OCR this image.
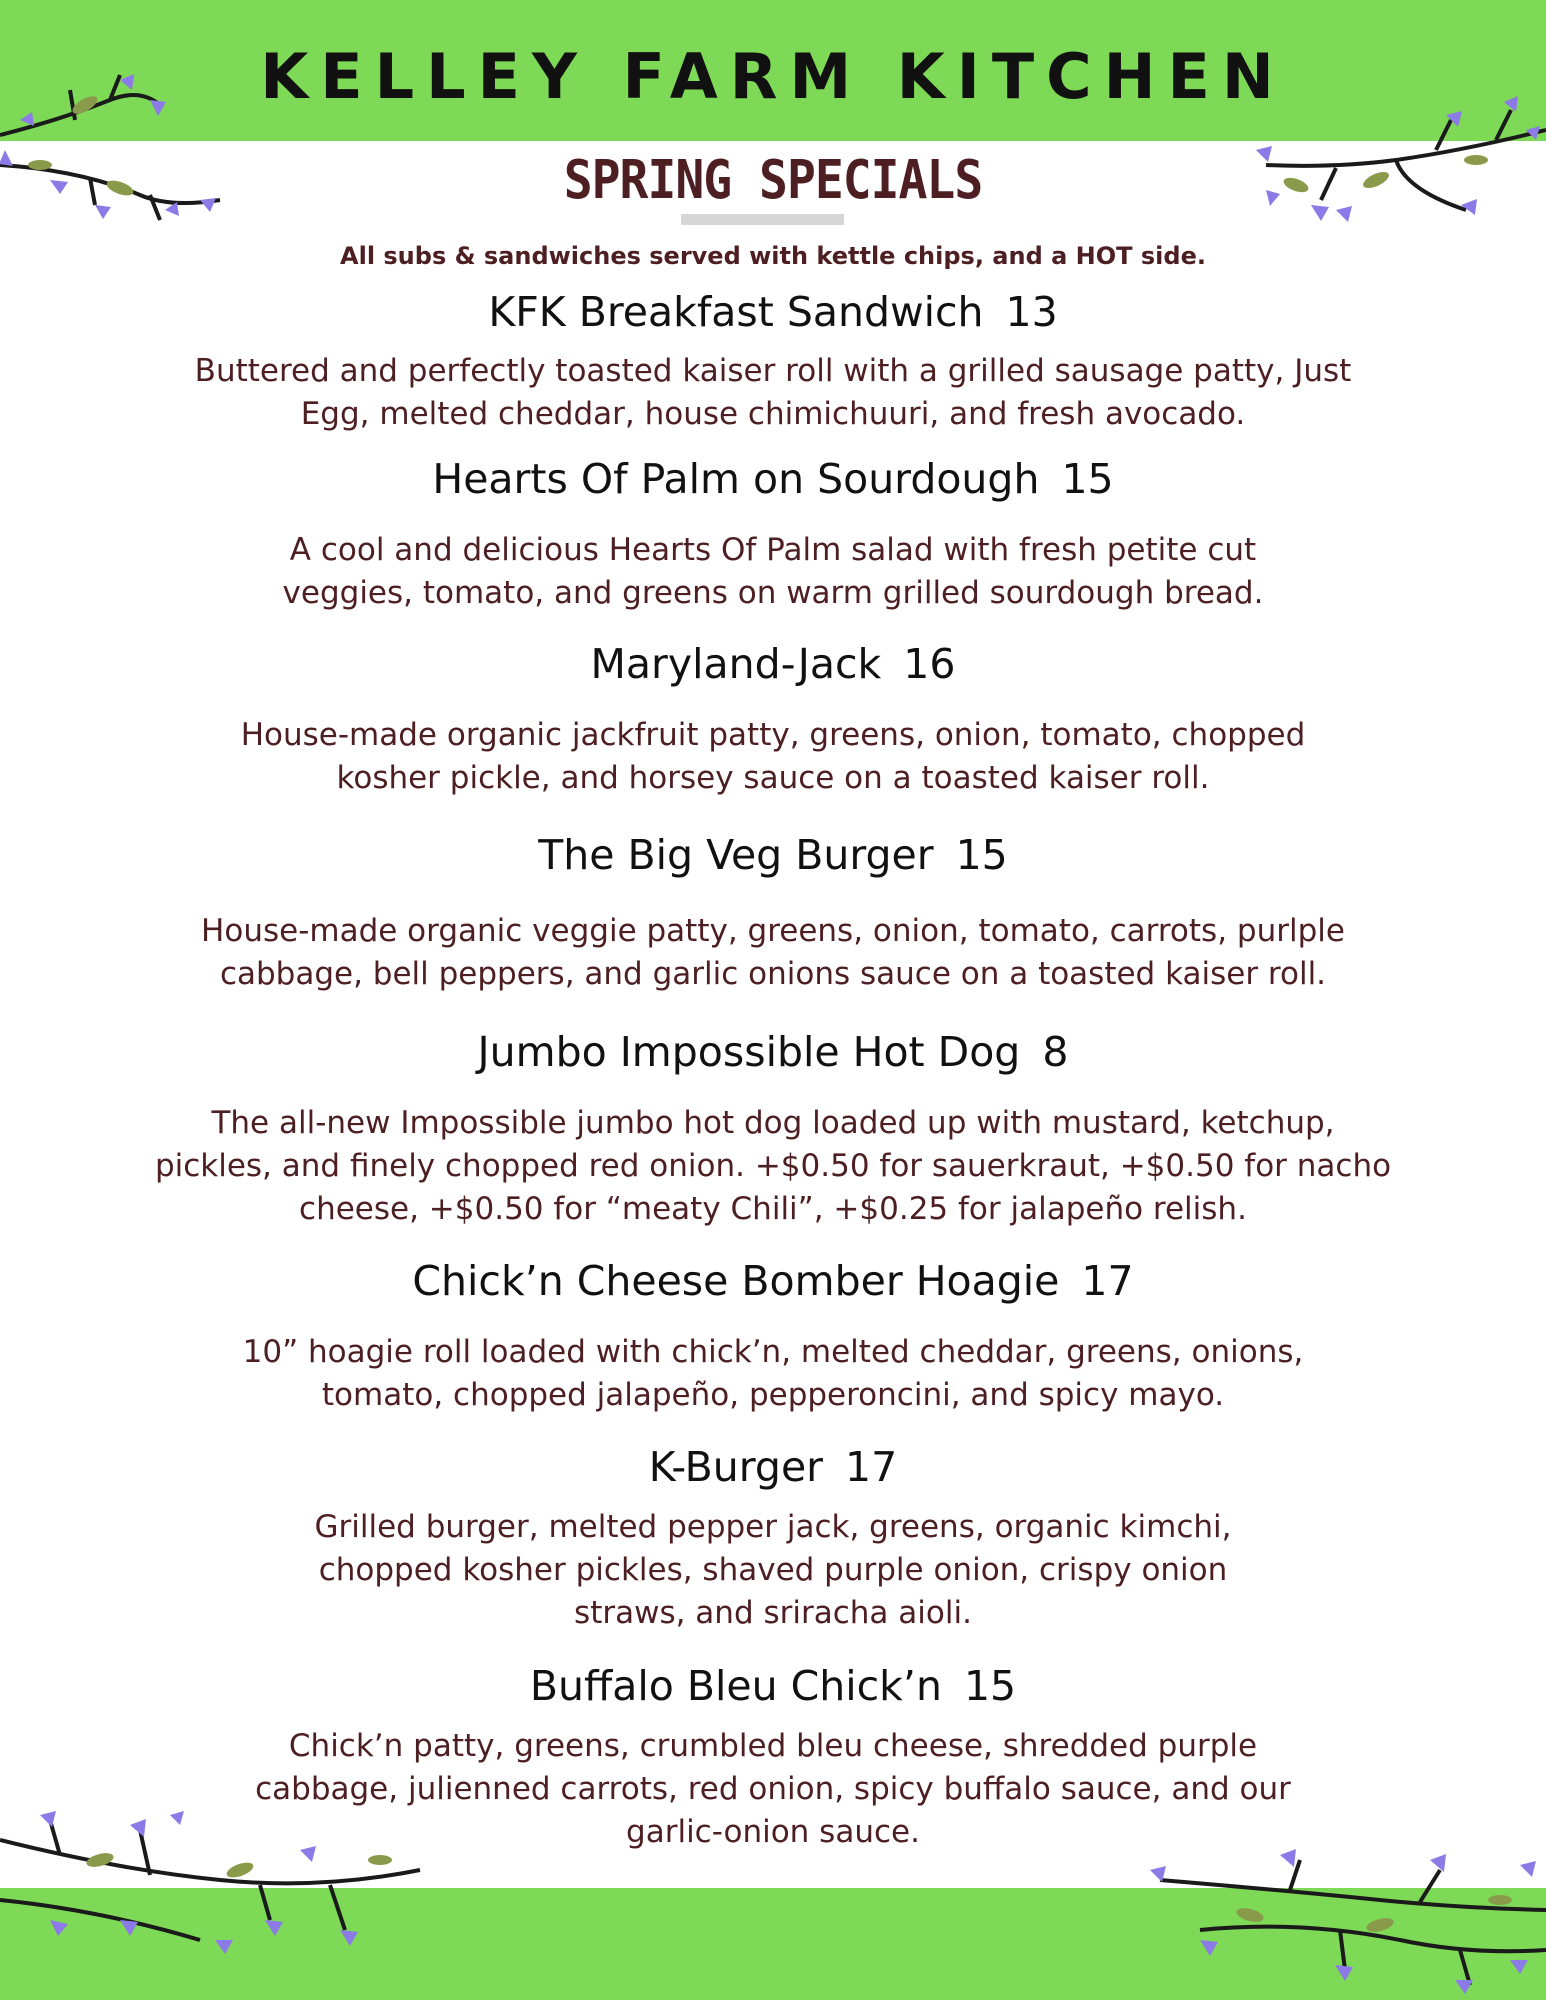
KELLEY FARM KITCHEN
SPRING SPECIALS
All subs & sandwiches served with kettle chips, and a HOT side.
KFK Breakfast Sandwich 13
Buttered and perfectly toasted kaiser roll with a grilled sausage patty, Just
Egg, melted cheddar, house chimichuuri, and fresh avocado.
Hearts Of Palm on Sourdough 15
A cool and delicious Hearts Of Palm salad with fresh petite cut
veggies, tomato, and greens on warm grilled sourdough bread.
Maryland-Jack 16
House-made organic jackfruit patty, greens, onion, tomato, chopped
kosher pickle, and horsey sauce on a toasted kaiser roll.
The Big Veg Burger 15
House-made organic veggie patty, greens, onion, tomato, carrots, purlple
cabbage, bell peppers, and garlic onions sauce on a toasted kaiser roll.
Jumbo Impossible Hot Dog 8
The all-new Impossible jumbo hot dog loaded up with mustard, ketchup,
pickles, and finely chopped red onion. +$0.50 for sauerkraut, +$0.50 for nacho
cheese, +$0.50 for “meaty Chili”, +$0.25 for jalapeño relish.
Chick’n Cheese Bomber Hoagie 17
10” hoagie roll loaded with chick’n, melted cheddar, greens, onions,
tomato, chopped jalapeño, pepperoncini, and spicy mayo.
K-Burger 17
Grilled burger, melted pepper jack, greens, organic kimchi,
chopped kosher pickles, shaved purple onion, crispy onion
straws, and sriracha aioli.
Buffalo Bleu Chick’n 15
Chick’n patty, greens, crumbled bleu cheese, shredded purple
cabbage, julienned carrots, red onion, spicy buffalo sauce, and our
garlic-onion sauce.
